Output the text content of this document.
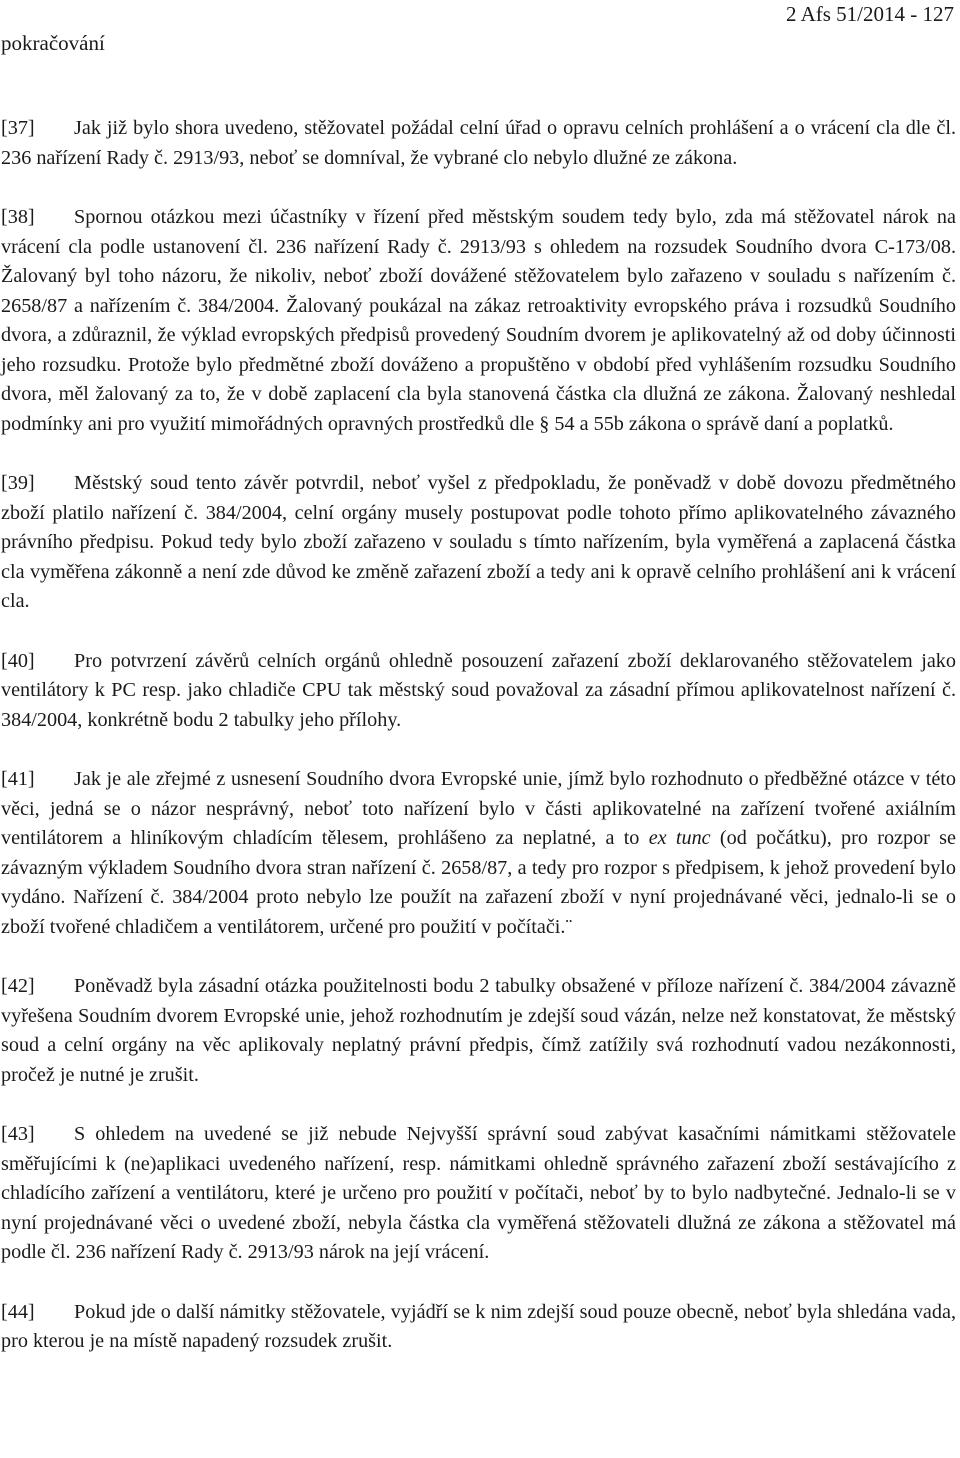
pokračování
2 Afs 51/2014 - 127

[37] Jak již bylo shora uvedeno, stěžovatel požádal celní úřad o opravu celních prohlášení a o vrácení cla dle čl. 236 nařízení Rady č. 2913/93, neboť se domníval, že vybrané clo nebylo dlužné ze zákona.

[38] Spornou otázkou mezi účastníky v řízení před městským soudem tedy bylo, zda má stěžovatel nárok na vrácení cla podle ustanovení čl. 236 nařízení Rady č. 2913/93 s ohledem na rozsudek Soudního dvora C-173/08. Žalovaný byl toho názoru, že nikoliv, neboť zboží dovážené stěžovatelem bylo zařazeno v souladu s nařízením č. 2658/87 a nařízením č. 384/2004. Žalovaný poukázal na zákaz retroaktivity evropského práva i rozsudků Soudního dvora, a zdůraznil, že výklad evropských předpisů provedený Soudním dvorem je aplikovatelný až od doby účinnosti jeho rozsudku. Protože bylo předmětné zboží dováženo a propuštěno v období před vyhlášením rozsudku Soudního dvora, měl žalovaný za to, že v době zaplacení cla byla stanovená částka cla dlužná ze zákona. Žalovaný neshledal podmínky ani pro využití mimořádných opravných prostředků dle § 54 a 55b zákona o správě daní a poplatků.

[39] Městský soud tento závěr potvrdil, neboť vyšel z předpokladu, že poněvadž v době dovozu předmětného zboží platilo nařízení č. 384/2004, celní orgány musely postupovat podle tohoto přímo aplikovatelného závazného právního předpisu. Pokud tedy bylo zboží zařazeno v souladu s tímto nařízením, byla vyměřená a zaplacená částka cla vyměřena zákonně a není zde důvod ke změně zařazení zboží a tedy ani k opravě celního prohlášení ani k vrácení cla.

[40] Pro potvrzení závěrů celních orgánů ohledně posouzení zařazení zboží deklarovaného stěžovatelem jako ventilátory k PC resp. jako chladiče CPU tak městský soud považoval za zásadní přímou aplikovatelnost nařízení č. 384/2004, konkrétně bodu 2 tabulky jeho přílohy.

[41] Jak je ale zřejmé z usnesení Soudního dvora Evropské unie, jímž bylo rozhodnuto o předběžné otázce v této věci, jedná se o názor nesprávný, neboť toto nařízení bylo v části aplikovatelné na zařízení tvořené axiálním ventilátorem a hliníkovým chladícím tělesem, prohlášeno za neplatné, a to ex tunc (od počátku), pro rozpor se závazným výkladem Soudního dvora stran nařízení č. 2658/87, a tedy pro rozpor s předpisem, k jehož provedení bylo vydáno. Nařízení č. 384/2004 proto nebylo lze použít na zařazení zboží v nyní projednávané věci, jednalo-li se o zboží tvořené chladičem a ventilátorem, určené pro použití v počítači.¨

[42] Poněvadž byla zásadní otázka použitelnosti bodu 2 tabulky obsažené v příloze nařízení č. 384/2004 závazně vyřešena Soudním dvorem Evropské unie, jehož rozhodnutím je zdejší soud vázán, nelze než konstatovat, že městský soud a celní orgány na věc aplikovaly neplatný právní předpis, čímž zatížily svá rozhodnutí vadou nezákonnosti, pročež je nutné je zrušit.

[43] S ohledem na uvedené se již nebude Nejvyšší správní soud zabývat kasačními námitkami stěžovatele směřujícími k (ne)aplikaci uvedeného nařízení, resp. námitkami ohledně správného zařazení zboží sestávajícího z chladícího zařízení a ventilátoru, které je určeno pro použití v počítači, neboť by to bylo nadbytečné. Jednalo-li se v nyní projednávané věci o uvedené zboží, nebyla částka cla vyměřená stěžovateli dlužná ze zákona a stěžovatel má podle čl. 236 nařízení Rady č. 2913/93 nárok na její vrácení.

[44] Pokud jde o další námitky stěžovatele, vyjádří se k nim zdejší soud pouze obecně, neboť byla shledána vada, pro kterou je na místě napadený rozsudek zrušit.
